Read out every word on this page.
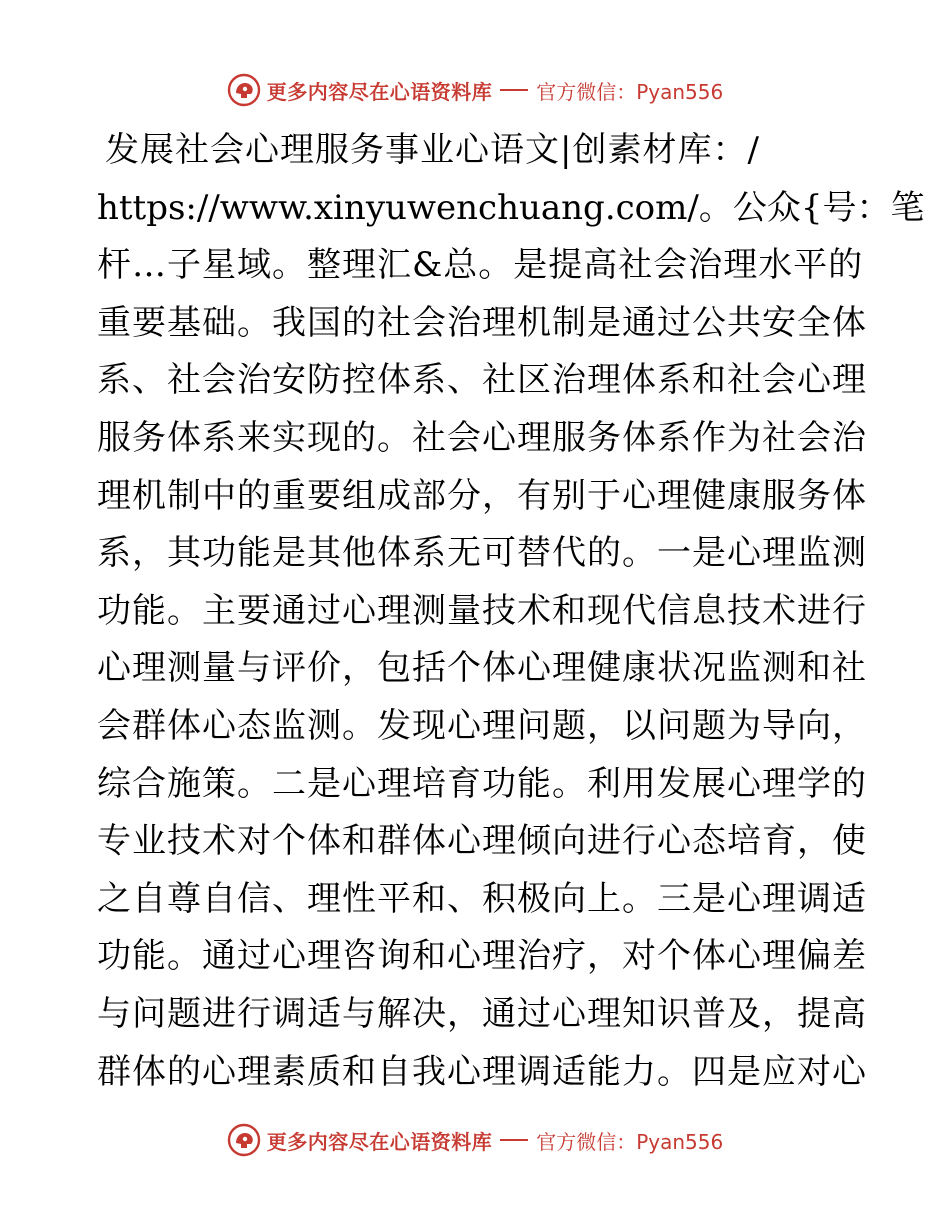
更多内容尽在心语资料库 官方微信：Pyan556
发展社会心理服务事业心语文|创素材库：/
https://www.xinyuwenchuang.com/。公众{号：笔
杆…子星域。整理汇&总。是提高社会治理水平的
重要基础。我国的社会治理机制是通过公共安全体
系、社会治安防控体系、社区治理体系和社会心理
服务体系来实现的。社会心理服务体系作为社会治
理机制中的重要组成部分，有别于心理健康服务体
系，其功能是其他体系无可替代的。一是心理监测
功能。主要通过心理测量技术和现代信息技术进行
心理测量与评价，包括个体心理健康状况监测和社
会群体心态监测。发现心理问题，以问题为导向，
综合施策。二是心理培育功能。利用发展心理学的
专业技术对个体和群体心理倾向进行心态培育，使
之自尊自信、理性平和、积极向上。三是心理调适
功能。通过心理咨询和心理治疗，对个体心理偏差
与问题进行调适与解决，通过心理知识普及，提高
群体的心理素质和自我心理调适能力。四是应对心
更多内容尽在心语资料库 官方微信：Pyan556
